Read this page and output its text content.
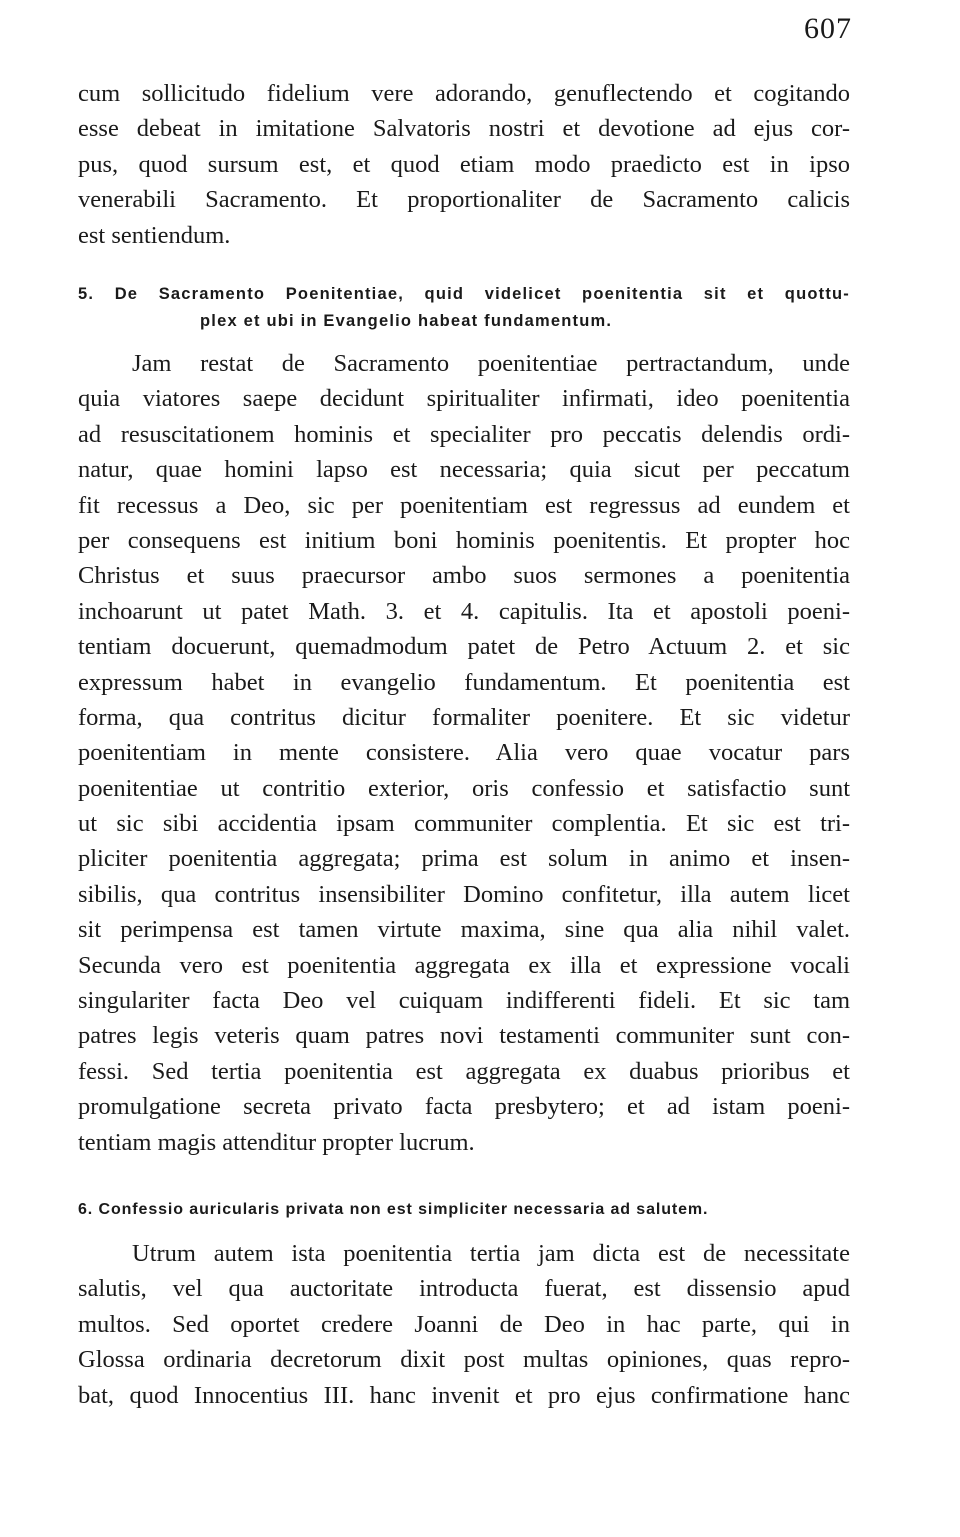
607
cum sollicitudo fidelium vere adorando, genuflectendo et cogitando
esse debeat in imitatione Salvatoris nostri et devotione ad ejus cor-
pus, quod sursum est, et quod etiam modo praedicto est in ipso
venerabili Sacramento. Et proportionaliter de Sacramento calicis
est sentiendum.
5. De Sacramento Poenitentiae, quid videlicet poenitentia sit et quottu-
plex et ubi in Evangelio habeat fundamentum.
Jam restat de Sacramento poenitentiae pertractandum, unde
quia viatores saepe decidunt spiritualiter infirmati, ideo poenitentia
ad resuscitationem hominis et specialiter pro peccatis delendis ordi-
natur, quae homini lapso est necessaria; quia sicut per peccatum
fit recessus a Deo, sic per poenitentiam est regressus ad eundem et
per consequens est initium boni hominis poenitentis. Et propter hoc
Christus et suus praecursor ambo suos sermones a poenitentia
inchoarunt ut patet Math. 3. et 4. capitulis. Ita et apostoli poeni-
tentiam docuerunt, quemadmodum patet de Petro Actuum 2. et sic
expressum habet in evangelio fundamentum. Et poenitentia est
forma, qua contritus dicitur formaliter poenitere. Et sic videtur
poenitentiam in mente consistere. Alia vero quae vocatur pars
poenitentiae ut contritio exterior, oris confessio et satisfactio sunt
ut sic sibi accidentia ipsam communiter complentia. Et sic est tri-
pliciter poenitentia aggregata; prima est solum in animo et insen-
sibilis, qua contritus insensibiliter Domino confitetur, illa autem licet
sit perimpensa est tamen virtute maxima, sine qua alia nihil valet.
Secunda vero est poenitentia aggregata ex illa et expressione vocali
singulariter facta Deo vel cuiquam indifferenti fideli. Et sic tam
patres legis veteris quam patres novi testamenti communiter sunt con-
fessi. Sed tertia poenitentia est aggregata ex duabus prioribus et
promulgatione secreta privato facta presbytero; et ad istam poeni-
tentiam magis attenditur propter lucrum.
6. Confessio auricularis privata non est simpliciter necessaria ad salutem.
Utrum autem ista poenitentia tertia jam dicta est de necessitate
salutis, vel qua auctoritate introducta fuerat, est dissensio apud
multos. Sed oportet credere Joanni de Deo in hac parte, qui in
Glossa ordinaria decretorum dixit post multas opiniones, quas repro-
bat, quod Innocentius III. hanc invenit et pro ejus confirmatione hanc
